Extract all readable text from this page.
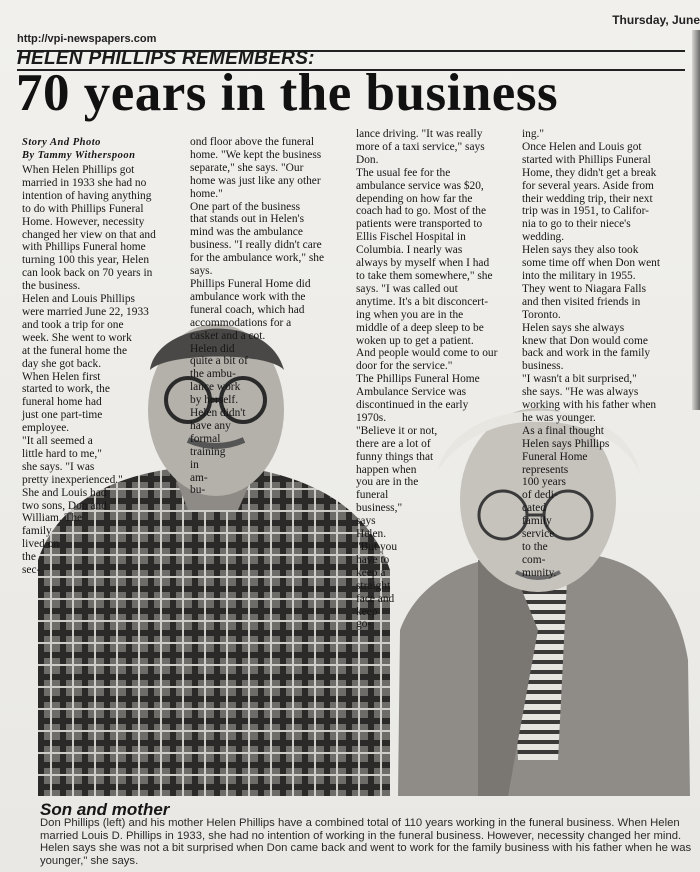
Thursday, June
http://vpi-newspapers.com
HELEN PHILLIPS REMEMBERS:
70 years in the business
Story And Photo
By Tammy Witherspoon

When Helen Phillips got
married in 1933 she had no
intention of having anything
to do with Phillips Funeral
Home. However, necessity
changed her view on that and
with Phillips Funeral home
turning 100 this year, Helen
can look back on 70 years in
the business.
Helen and Louis Phillips
were married June 22, 1933
and took a trip for one
week. She went to work
at the funeral home the
day she got back.
When Helen first
started to work, the
funeral home had
just one part-time
employee.
"It all seemed a
little hard to me,"
she says. "I was
pretty inexperienced."
She and Louis had
two sons, Don and
William. The
family
lived on
the
sec-

ond floor above the funeral
home. "We kept the business
separate," she says. "Our
home was just like any other
home."
One part of the business
that stands out in Helen's
mind was the ambulance
business. "I really didn't care
for the ambulance work," she
says.
Phillips Funeral Home did
ambulance work with the
funeral coach, which had
accommodations for a
casket and a cot.
Helen did
quite a bit of
the ambu-
lance work
by herself.
Helen didn't
have any
formal
training
in
am-
bu-

lance driving. "It was really
more of a taxi service," says
Don.
The usual fee for the
ambulance service was $20,
depending on how far the
coach had to go. Most of the
patients were transported to
Ellis Fischel Hospital in
Columbia. I nearly was
always by myself when I had
to take them somewhere," she
says. "I was called out
anytime. It's a bit disconcert-
ing when you are in the
middle of a deep sleep to be
woken up to get a patient.
And people would come to our
door for the service."
The Phillips Funeral Home
Ambulance Service was
discontinued in the early
1970s.
"Believe it or not,
there are a lot of
funny things that
happen when
you are in the
funeral
business,"
says
Helen.
"But you
have to
keep a
straight
face and
keep
go-

ing."
Once Helen and Louis got
started with Phillips Funeral
Home, they didn't get a break
for several years. Aside from
their wedding trip, their next
trip was in 1951, to Califor-
nia to go to their niece's
wedding.
Helen says they also took
some time off when Don went
into the military in 1955.
They went to Niagara Falls
and then visited friends in
Toronto.
Helen says she always
knew that Don would come
back and work in the family
business.
"I wasn't a bit surprised,"
she says. "He was always
working with his father when
he was younger.
As a final thought
Helen says Phillips
Funeral Home
represents
100 years
of dedi-
cated
family
service
to the
com-
munity.

Son and mother
Don Phillips (left) and his mother Helen Phillips have a combined total of 110 years working in the funeral business. When Helen married Louis D. Phillips in 1933, she had no intention of working in the funeral business. However, necessity changed her mind. Helen says she was not a bit surprised when Don came back and went to work for the family business with his father when he was younger," she says.
